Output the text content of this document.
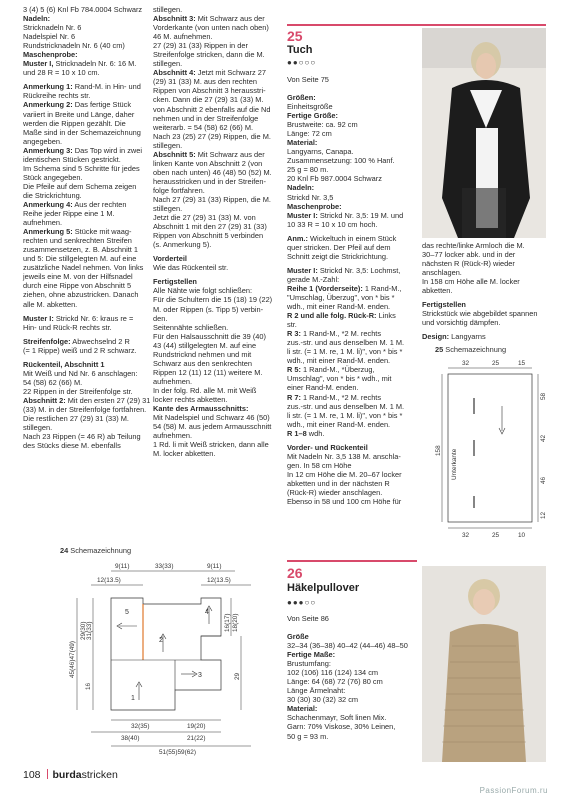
3 (4) 5 (6) Knl Fb 784.0004 Schwarz

Nadeln:

Stricknadeln Nr. 6

Nadelspiel Nr. 6

Rundstricknadeln Nr. 6 (40 cm)

Maschenprobe:

Muster I, Stricknadeln Nr. 6: 16 M.

und 28 R = 10 x 10 cm.

Anmerkung 1: Rand-M. in Hin- und

Rückreihe rechts str.

Anmerkung 2: Das fertige Stück

variiert in Breite und Länge, daher

werden die Rippen gezählt. Die

Maße sind in der Schemazeichnung

angegeben.

Anmerkung 3: Das Top wird in zwei

identischen Stücken gestrickt.

Im Schema sind 5 Schritte für jedes

Stück angegeben.

Die Pfeile auf dem Schema zeigen

die Strickrichtung.

Anmerkung 4: Aus der rechten

Reihe jeder Rippe eine 1 M.

aufnehmen.

Anmerkung 5: Stücke mit waag-

rechten und senkrechten Streifen

zusammensetzen, z. B. Abschnitt 1

und 5: Die stillgelegten M. auf eine

zusätzliche Nadel nehmen. Von links

jeweils eine M. von der Hilfsnadel

durch eine Rippe von Abschnitt 5

ziehen, ohne abzustricken. Danach

alle M. abketten.

Muster I: Strickd Nr. 6: kraus re =

Hin- und Rück-R rechts str.

Streifenfolge: Abwechselnd 2 R

(= 1 Rippe) weiß und 2 R schwarz.

Rückenteil, Abschnitt 1

Mit Weiß und Nd Nr. 6 anschlagen:

54 (58) 62 (66) M.

22 Rippen in der Streifenfolge str.

Abschnitt 2: Mit den ersten 27 (29) 31

(33) M. in der Streifenfolge fortfahren.

Die restlichen 27 (29) 31 (33) M.

stillegen.

Nach 23 Rippen (= 46 R) ab Teilung

des Stücks diese M. ebenfalls

stillegen.

Abschnitt 3: Mit Schwarz aus der

Vorderkante (von unten nach oben)

46 M. aufnehmen.

27 (29) 31 (33) Rippen in der

Streifenfolge stricken, dann die M.

stillegen.

Abschnitt 4: Jetzt mit Schwarz 27

(29) 31 (33) M. aus den rechten

Rippen von Abschnitt 3 herausstri-

cken. Dann die 27 (29) 31 (33) M.

von Abschnitt 2 ebenfalls auf die Nd

nehmen und in der Streifenfolge

weiterarb. = 54 (58) 62 (66) M.

Nach 23 (25) 27 (29) Rippen, die M.

stillegen.

Abschnitt 5: Mit Schwarz aus der

linken Kante von Abschnitt 2 (von

oben nach unten) 46 (48) 50 (52) M.

herausstricken und in der Streifen-

folge fortfahren.

Nach 27 (29) 31 (33) Rippen, die M.

stillegen.

Jetzt die 27 (29) 31 (33) M. von

Abschnitt 1 mit den 27 (29) 31 (33)

Rippen von Abschnitt 5 verbinden

(s. Anmerkung 5).

Vorderteil

Wie das Rückenteil str.

Fertigstellen

Alle Nähte wie folgt schließen:

Für die Schultern die 15 (18) 19 (22)

M. oder Rippen (s. Tipp 5) verbin-

den.

Seitennähte schließen.

Für den Halsausschnitt die 39 (40)

43 (44) stillgelegten M. auf eine

Rundstricknd nehmen und mit

Schwarz aus den senkrechten

Rippen 12 (11) 12 (11) weitere M.

aufnehmen.

In der folg. Rd. alle M. mit Weiß

locker rechts abketten.

Kante des Armausschnitts:

Mit Nadelspiel und Schwarz 46 (50)

54 (58) M. aus jedem Armausschnitt

aufnehmen.

1 Rd. li mit Weiß stricken, dann alle

M. locker abketten.

25
Tuch
●●○○○
Von Seite 75

Größen:

Einheitsgröße

Fertige Größe:

Brustweite: ca. 92 cm

Länge: 72 cm

Material:

Langyarns, Canapa.

Zusammensetzung: 100 % Hanf.

25 g = 80 m.

20 Knl Fb 987.0004 Schwarz

Nadeln:

Strickd Nr. 3,5

Maschenprobe:

Muster I: Strickd Nr. 3,5: 19 M. und

10 33 R = 10 x 10 cm hoch.

Anm.: Wickeltuch in einem Stück

quer stricken. Der Pfeil auf dem

Schnitt zeigt die Strickrichtung.

Muster I: Strickd Nr. 3,5: Lochmst,

gerade M.-Zahl:

Reihe 1 (Vorderseite): 1 Rand-M.,

"Umschlag, Überzug", von * bis *

wdh., mit einer Rand-M. enden.

R 2 und alle folg. Rück-R: Links

str.

R 3: 1 Rand-M., *2 M. rechts

zus.-str. und aus denselben M. 1 M.

li str. (= 1 M. re, 1 M. li)", von * bis *

wdh., mit einer Rand-M. enden.

R 5: 1 Rand-M., *Überzug,

Umschlag", von * bis * wdh., mit

einer Rand-M. enden.

R 7: 1 Rand-M., *2 M. rechts

zus.-str. und aus denselben M. 1 M.

li str. (= 1 M. re, 1 M. li)", von * bis *

wdh., mit einer Rand-M. enden.

R 1–8 wdh.

Vorder- und Rückenteil

Mit Nadeln Nr. 3,5 138 M. anschla-

gen. In 58 cm Höhe

In 12 cm Höhe die M. 20–67 locker

abketten und in der nächsten R

(Rück-R) wieder anschlagen.

Ebenso in 58 und 100 cm Höhe für

das rechte/linke Armloch die M.

30–77 locker abk. und in der

nächsten R (Rück-R) wieder

anschlagen.

In 158 cm Höhe alle M. locker

abketten.

Fertigstellen

Strickstück wie abgebildet spannen

und vorsichtig dämpfen.

Design: Langyarns

25 Schemazeichnung
32	25	15
32	25	10
58
42
46
12
158 Unterkante
24 Schemazeichnung
9(11)	33(33)	9(11)
12(13.5)	12(13.5)
5
2
3
1
4
45(46)47(49)
29(30) 31(33)
16
16(17) 18(20)
29
32(35)	19(20)
38(40)	21(22)
51(55)59(62)
26
Häkelpullover
●●●○○
Von Seite 86

Größe

32–34 (36–38) 40–42 (44–46) 48–50

Fertige Maße:

Brustumfang:

102 (106) 116 (124) 134 cm

Länge: 64 (68) 72 (76) 80 cm

Länge Ärmelnaht:

30 (30) 30 (32) 32 cm

Material:

Schachenmayr, Soft linen Mix.

Garn: 70% Viskose, 30% Leinen,

50 g = 93 m.

108 burdastricken
PassionForum.ru
